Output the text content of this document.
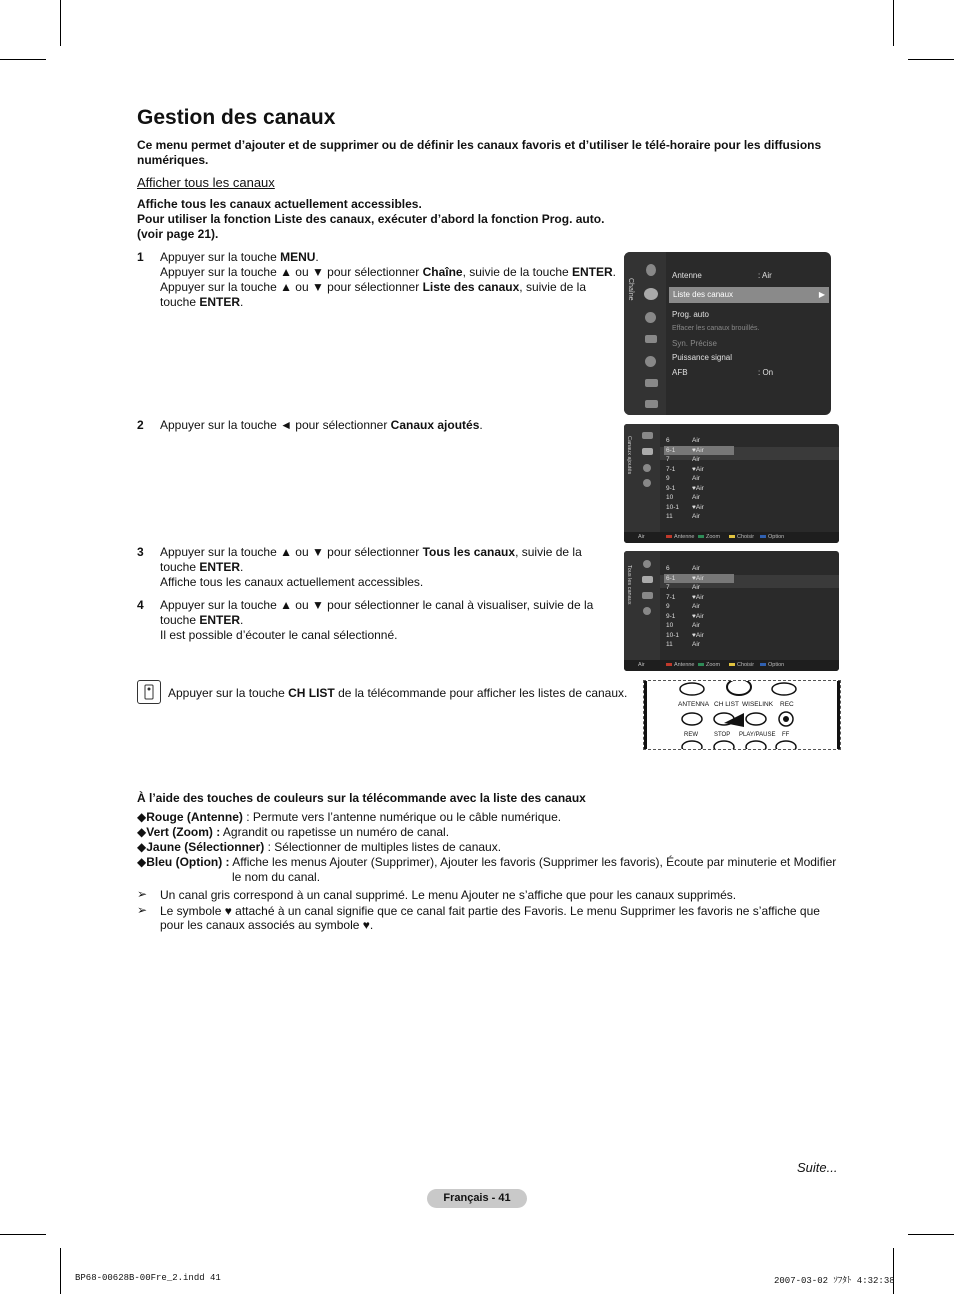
Gestion des canaux

Ce menu permet d’ajouter et de supprimer ou de définir les canaux favoris et d’utiliser le télé-horaire pour les diffusions numériques.

Afficher tous les canaux

Affiche tous les canaux actuellement accessibles.
Pour utiliser la fonction Liste des canaux, exécuter d’abord la fonction Prog. auto.
(voir page 21).
1 Appuyer sur la touche MENU.
Appuyer sur la touche ▲ ou ▼ pour sélectionner Chaîne, suivie de la touche ENTER.
Appuyer sur la touche ▲ ou ▼ pour sélectionner Liste des canaux, suivie de la touche ENTER.
2 Appuyer sur la touche ◄ pour sélectionner Canaux ajoutés.
3 Appuyer sur la touche ▲ ou ▼ pour sélectionner Tous les canaux, suivie de la touche ENTER.
Affiche tous les canaux actuellement accessibles.
4 Appuyer sur la touche ▲ ou ▼ pour sélectionner le canal à visualiser, suivie de la touche ENTER.
Il est possible d’écouter le canal sélectionné.
Chaîne
Antenne	: Air
Liste des canaux	▶
Prog. auto
Effacer les canaux brouillés.
Syn. Précise
Puissance signal
AFB	: On
Canaux ajoutés	6	Air
6-1	♥Air
7	Air
7-1	♥Air
9	Air
9-1	♥Air
10	Air
10-1 ♥Air
11	Air
Air	Antenne	Zoom	Choisir	Option
Tous les canaux	6	Air
6-1	♥Air
7	Air
7-1	♥Air
9	Air
9-1	♥Air
10	Air
10-1 ♥Air
11	Air
Air	Antenne	Zoom	Choisir	Option
Appuyer sur la touche CH LIST de la télécommande pour afficher les listes de canaux.
ANTENNA CH LIST WISELINK REC
REW	STOP PLAY/PAUSE FF
À l’aide des touches de couleurs sur la télécommande avec la liste des canaux
◆Rouge (Antenne) : Permute vers l’antenne numérique ou le câble numérique.
◆Vert (Zoom) : Agrandit ou rapetisse un numéro de canal.
◆Jaune (Sélectionner) : Sélectionner de multiples listes de canaux.
◆Bleu (Option) : Affiche les menus Ajouter (Supprimer), Ajouter les favoris (Supprimer les favoris), Écoute par minuterie et Modifier le nom du canal.
➢ Un canal gris correspond à un canal supprimé. Le menu Ajouter ne s’affiche que pour les canaux supprimés.
➢ Le symbole ♥ attaché à un canal signifie que ce canal fait partie des Favoris. Le menu Supprimer les favoris ne s’affiche que pour les canaux associés au symbole ♥.
Suite...
Français - 41
BP68-00628B-00Fre_2.indd 41	2007-03-02 ｿﾌﾀﾄ 4:32:38
